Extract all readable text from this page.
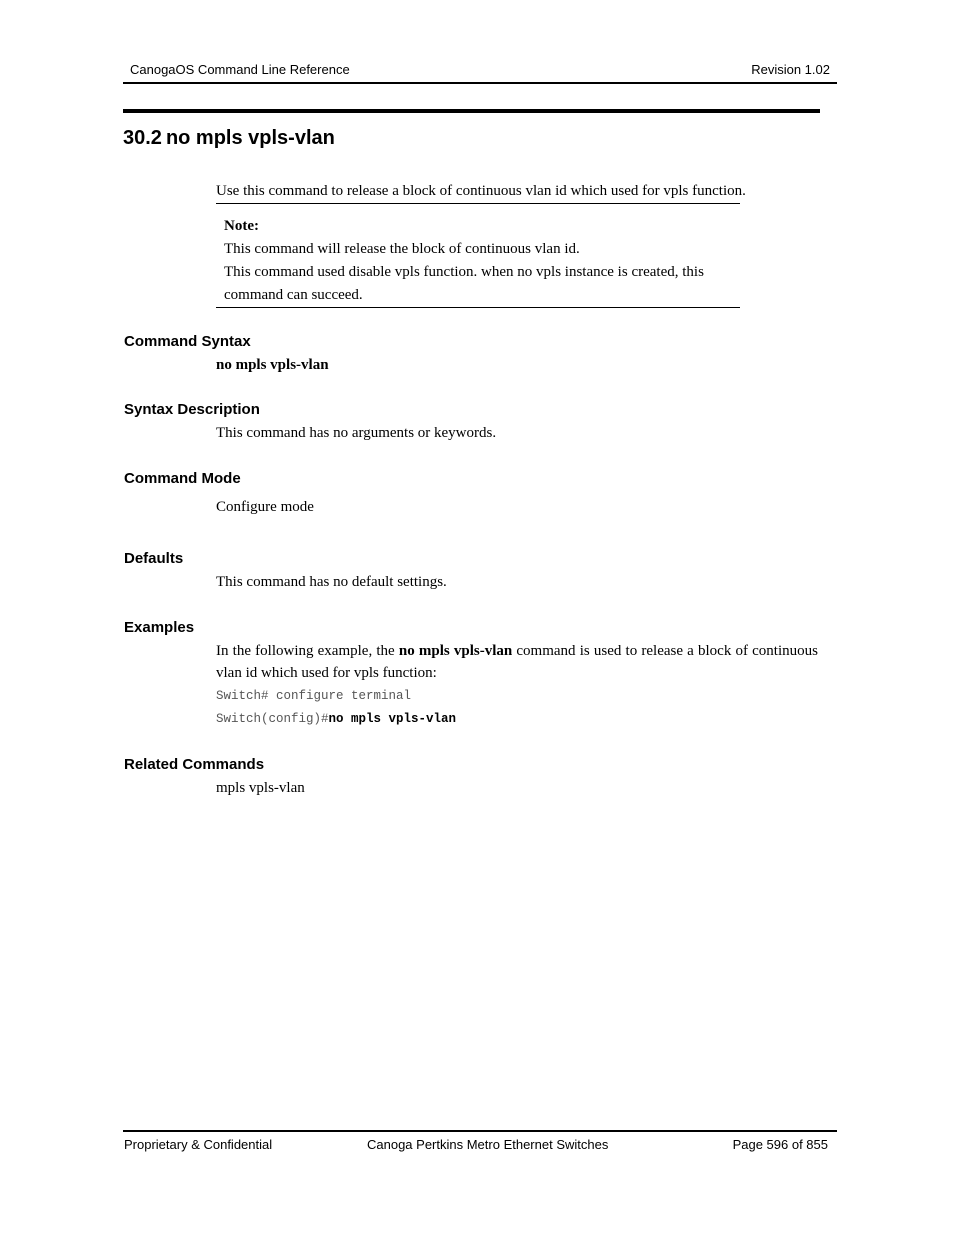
CanogaOS Command Line Reference	Revision 1.02
30.2 no mpls vpls-vlan
Use this command to release a block of continuous vlan id which used for vpls function.
Note:
This command will release the block of continuous vlan id.
This command used disable vpls function. when no vpls instance is created, this
command can succeed.
Command Syntax
no mpls vpls-vlan
Syntax Description
This command has no arguments or keywords.
Command Mode
Configure mode
Defaults
This command has no default settings.
Examples
In the following example, the no mpls vpls-vlan command is used to release a block of continuous vlan id which used for vpls function:
Switch# configure terminal
Switch(config)#no mpls vpls-vlan
Related Commands
mpls vpls-vlan
Proprietary & Confidential	Canoga Pertkins Metro Ethernet Switches	Page 596 of 855
